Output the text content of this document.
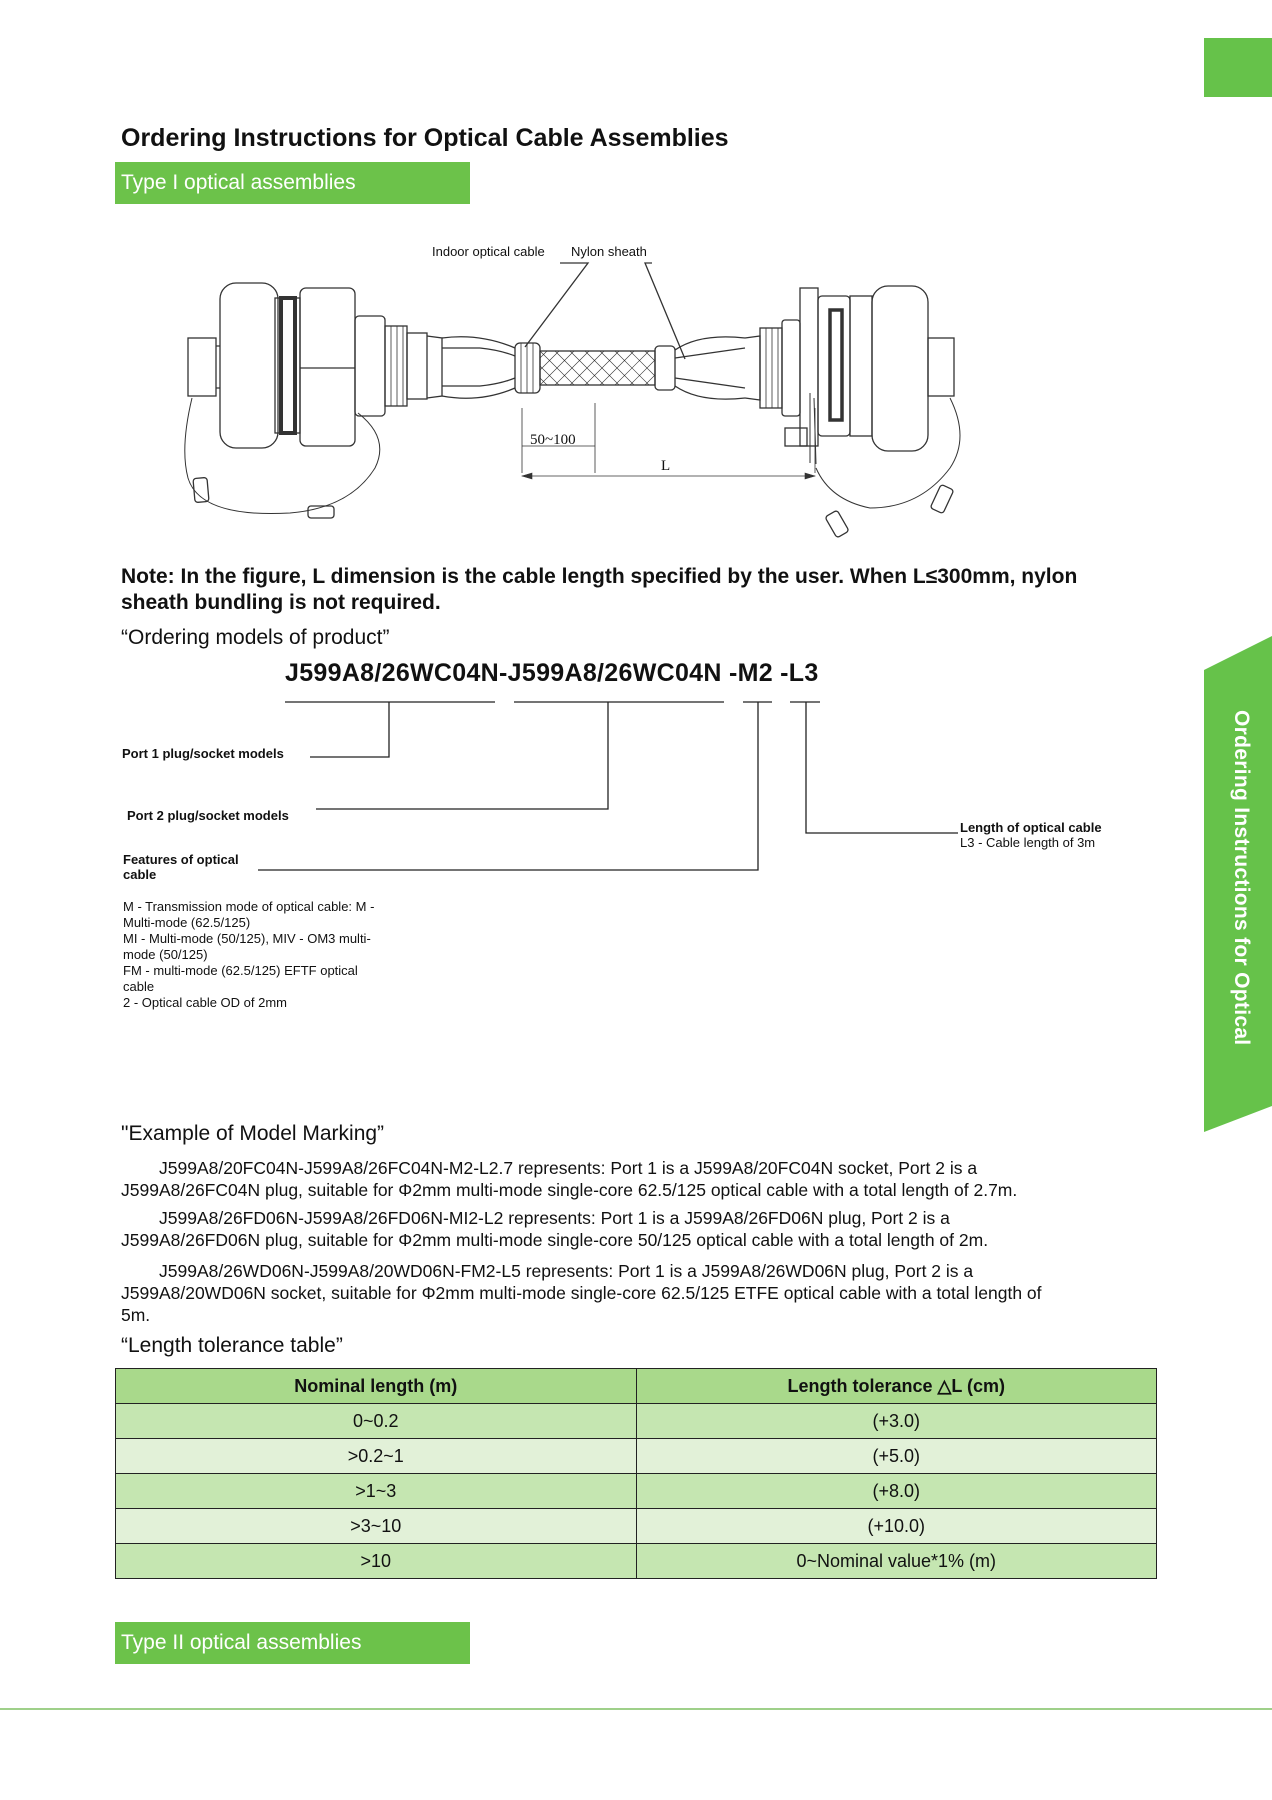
Ordering Instructions for Optical
Ordering Instructions for Optical Cable Assemblies
Type I optical assemblies
Indoor optical cable Nylon sheath
50~100
L
Note: In the figure, L dimension is the cable length specified by the user. When L≤300mm, nylon
sheath bundling is not required.
“Ordering models of product”
J599A8/26WC04N-J599A8/26WC04N -M2 -L3
Port 1 plug/socket models
Port 2 plug/socket models
Features of optical
cable
Length of optical cable
L3 - Cable length of 3m
M - Transmission mode of optical cable: M -
Multi-mode (62.5/125)
MI - Multi-mode (50/125), MIV - OM3 multi-
mode (50/125)
FM - multi-mode (62.5/125) EFTF optical
cable
2 - Optical cable OD of 2mm
"Example of Model Marking”
J599A8/20FC04N-J599A8/26FC04N-M2-L2.7 represents: Port 1 is a J599A8/20FC04N socket, Port 2 is a
J599A8/26FC04N plug, suitable for Φ2mm multi-mode single-core 62.5/125 optical cable with a total length of 2.7m.
J599A8/26FD06N-J599A8/26FD06N-MI2-L2 represents: Port 1 is a J599A8/26FD06N plug, Port 2 is a
J599A8/26FD06N plug, suitable for Φ2mm multi-mode single-core 50/125 optical cable with a total length of 2m.
J599A8/26WD06N-J599A8/20WD06N-FM2-L5 represents: Port 1 is a J599A8/26WD06N plug, Port 2 is a
J599A8/20WD06N socket, suitable for Φ2mm multi-mode single-core 62.5/125 ETFE optical cable with a total length of
5m.
“Length tolerance table”
Nominal length (m)	Length tolerance △L (cm)
0~0.2	(+3.0)
>0.2~1	(+5.0)
>1~3	(+8.0)
>3~10	(+10.0)
>10	0~Nominal value*1% (m)
Type II optical assemblies
